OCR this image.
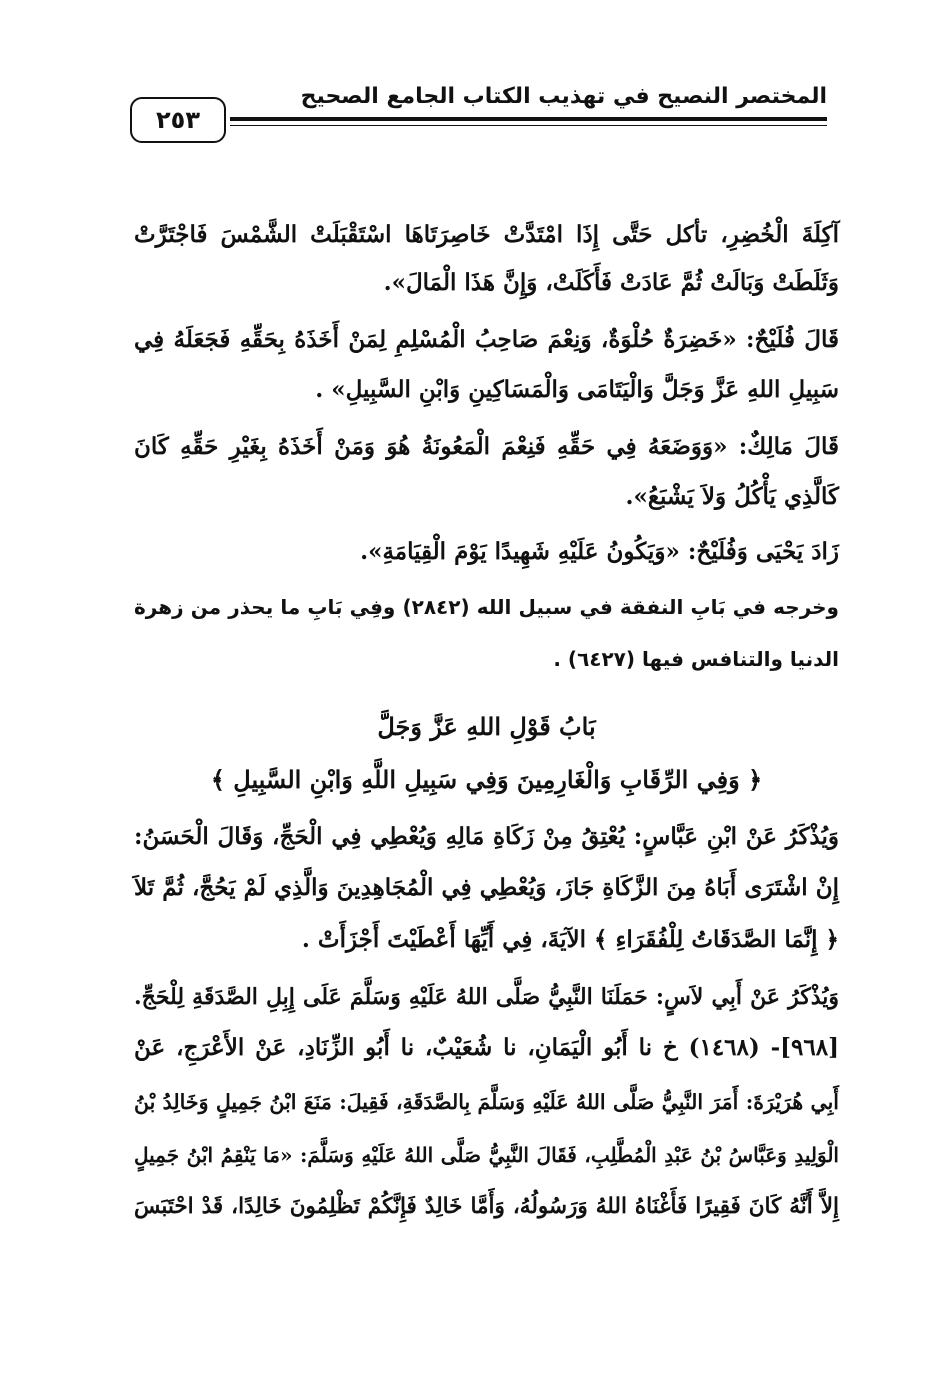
المختصر النصيح في تهذيب الكتاب الجامع الصحيح
٢٥٣
آكِلَةَ الْخُضِرِ، تأكل حَتَّى إِذَا امْتَدَّتْ خَاصِرَتَاهَا اسْتَقْبَلَتْ الشَّمْسَ فَاجْتَرَّتْ
وَثَلَطَتْ وَبَالَتْ ثُمَّ عَادَتْ فَأَكَلَتْ، وَإِنَّ هَذَا الْمَالَ».
قَالَ فُلَيْحٌ: «خَضِرَةٌ حُلْوَةٌ، وَنِعْمَ صَاحِبُ الْمُسْلِمِ لِمَنْ أَخَذَهُ بِحَقِّهِ فَجَعَلَهُ فِي
سَبِيلِ اللهِ عَزَّ وَجَلَّ وَالْيَتَامَى وَالْمَسَاكِينِ وَابْنِ السَّبِيلِ» .
قَالَ مَالِكٌ: «وَوَضَعَهُ فِي حَقِّهِ فَنِعْمَ الْمَعُونَةُ هُوَ وَمَنْ أَخَذَهُ بِغَيْرِ حَقِّهِ كَانَ
كَالَّذِي يَأْكُلُ وَلاَ يَشْبَعُ».
زَادَ يَحْيَى وَفُلَيْحٌ: «وَيَكُونُ عَلَيْهِ شَهِيدًا يَوْمَ الْقِيَامَةِ».
وخرجه في بَابِ النفقة في سبيل الله (٢٨٤٢) وفِي بَابِ ما يحذر من زهرة
الدنيا والتنافس فيها (٦٤٢٧) .
بَابُ قَوْلِ اللهِ عَزَّ وَجَلَّ
﴿ وَفِي الرِّقَابِ وَالْغَارِمِينَ وَفِي سَبِيلِ اللَّهِ وَابْنِ السَّبِيلِ ﴾
وَيُذْكَرُ عَنْ ابْنِ عَبَّاسٍ: يُعْتِقُ مِنْ زَكَاةِ مَالِهِ وَيُعْطِي فِي الْحَجِّ، وَقَالَ الْحَسَنُ:
إِنْ اشْتَرَى أَبَاهُ مِنَ الزَّكَاةِ جَازَ، وَيُعْطِي فِي الْمُجَاهِدِينَ وَالَّذِي لَمْ يَحُجَّ، ثُمَّ تَلاَ
﴿ إِنَّمَا الصَّدَقَاتُ لِلْفُقَرَاءِ ﴾ الآيَةَ، فِي أَيِّهَا أَعْطَيْتَ أَجْزَأَتْ .
وَيُذْكَرُ عَنْ أَبِي لاَسٍ: حَمَلَنَا النَّبِيُّ صَلَّى اللهُ عَلَيْهِ وَسَلَّمَ عَلَى إِبِلِ الصَّدَقَةِ لِلْحَجِّ.
[٩٦٨]- (١٤٦٨) خ نا أَبُو الْيَمَانِ، نا شُعَيْبٌ، نا أَبُو الزِّنَادِ، عَنْ الأَعْرَجِ، عَنْ
أَبِي هُرَيْرَةَ: أَمَرَ النَّبِيُّ صَلَّى اللهُ عَلَيْهِ وَسَلَّمَ بِالصَّدَقَةِ، فَقِيلَ: مَنَعَ ابْنُ جَمِيلٍ وَخَالِدُ بْنُ
الْوَلِيدِ وَعَبَّاسُ بْنُ عَبْدِ الْمُطَّلِبِ، فَقَالَ النَّبِيُّ صَلَّى اللهُ عَلَيْهِ وَسَلَّمَ: «مَا يَنْقِمُ ابْنُ جَمِيلٍ
إِلاَّ أَنَّهُ كَانَ فَقِيرًا فَأَغْنَاهُ اللهُ وَرَسُولُهُ، وَأَمَّا خَالِدٌ فَإِنَّكُمْ تَظْلِمُونَ خَالِدًا، قَدْ احْتَبَسَ
